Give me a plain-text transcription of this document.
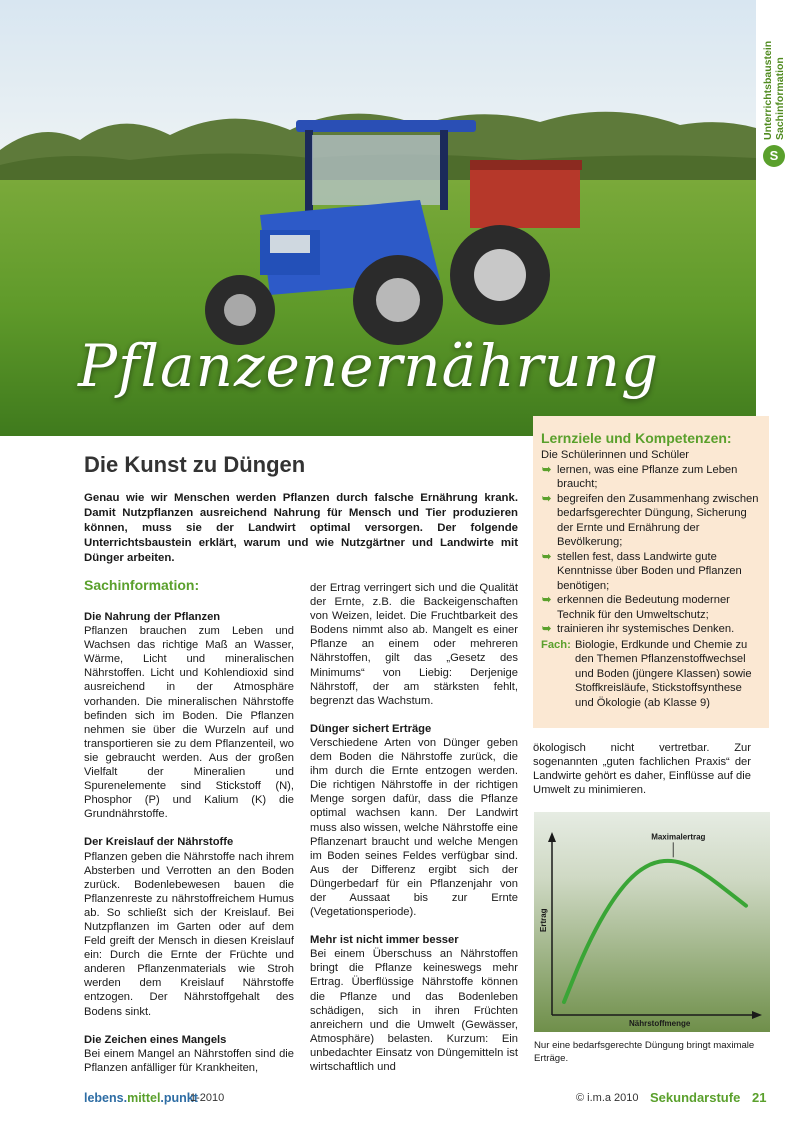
Pflanzenernährung
Unterrichtsbaustein Sachinformation
S
Lernziele und Kompetenzen:
Die Schülerinnen und Schüler
➥ lernen, was eine Pflanze zum Leben braucht;
➥ begreifen den Zusammenhang zwischen bedarfsgerechter Düngung, Sicherung der Ernte und Ernährung der Bevölkerung;
➥ stellen fest, dass Landwirte gute Kenntnisse über Boden und Pflanzen benötigen;
➥ erkennen die Bedeutung moderner Technik für den Umweltschutz;
➥ trainieren ihr systemisches Denken.
Fach: Biologie, Erdkunde und Chemie zu den Themen Pflanzenstoffwechsel und Boden (jüngere Klassen) sowie Stoffkreisläufe, Stickstoffsynthese und Ökologie (ab Klasse 9)
Die Kunst zu Düngen

Genau wie wir Menschen werden Pflanzen durch falsche Ernährung krank. Damit Nutzpflanzen ausreichend Nahrung für Mensch und Tier produzieren können, muss sie der Landwirt optimal versorgen. Der folgende Unterrichtsbaustein erklärt, warum und wie Nutzgärtner und Landwirte mit Dünger arbeiten.

Sachinformation:
Die Nahrung der Pflanzen

Pflanzen brauchen zum Leben und Wachsen das richtige Maß an Wasser, Wärme, Licht und mineralischen Nährstoffen. Licht und Kohlendioxid sind ausreichend in der Atmosphäre vorhanden. Die mineralischen Nährstoffe befinden sich im Boden. Die Pflanzen nehmen sie über die Wurzeln auf und transportieren sie zu dem Pflanzenteil, wo sie gebraucht werden. Aus der großen Vielfalt der Mineralien und Spurenelemente sind Stickstoff (N), Phosphor (P) und Kalium (K) die Grundnährstoffe.

Der Kreislauf der Nährstoffe

Pflanzen geben die Nährstoffe nach ihrem Absterben und Verrotten an den Boden zurück. Bodenlebewesen bauen die Pflanzenreste zu nährstoffreichem Humus ab. So schließt sich der Kreislauf. Bei Nutzpflanzen im Garten oder auf dem Feld greift der Mensch in diesen Kreislauf ein: Durch die Ernte der Früchte und anderen Pflanzenmaterials wie Stroh werden dem Kreislauf Nährstoffe entzogen. Der Nährstoffgehalt des Bodens sinkt.

Die Zeichen eines Mangels

Bei einem Mangel an Nährstoffen sind die Pflanzen anfälliger für Krankheiten,

der Ertrag verringert sich und die Qualität der Ernte, z.B. die Backeigenschaften von Weizen, leidet. Die Fruchtbarkeit des Bodens nimmt also ab. Mangelt es einer Pflanze an einem oder mehreren Nährstoffen, gilt das „Gesetz des Minimums“ von Liebig: Derjenige Nährstoff, der am stärksten fehlt, begrenzt das Wachstum.

Dünger sichert Erträge

Verschiedene Arten von Dünger geben dem Boden die Nährstoffe zurück, die ihm durch die Ernte entzogen werden. Die richtigen Nährstoffe in der richtigen Menge sorgen dafür, dass die Pflanze optimal wachsen kann. Der Landwirt muss also wissen, welche Nährstoffe eine Pflanzenart braucht und welche Mengen im Boden seines Feldes verfügbar sind. Aus der Differenz ergibt sich der Düngerbedarf für ein Pflanzenjahr von der Aussaat bis zur Ernte (Vegetationsperiode).

Mehr ist nicht immer besser

Bei einem Überschuss an Nährstoffen bringt die Pflanze keineswegs mehr Ertrag. Überflüssige Nährstoffe können die Pflanze und das Bodenleben schädigen, sich in ihren Früchten anreichern und die Umwelt (Gewässer, Atmosphäre) belasten. Kurzum: Ein unbedachter Einsatz von Düngemitteln ist wirtschaftlich und

ökologisch nicht vertretbar. Zur sogenannten „guten fachlichen Praxis“ der Landwirte gehört es daher, Einflüsse auf die Umwelt zu minimieren.

Maximalertrag
Nährstoffmenge
Ertrag
Nur eine bedarfsgerechte Düngung bringt maximale Erträge.
lebens.mittel.punkt
1-2010	© i.m.a 2010 Sekundarstufe 21
